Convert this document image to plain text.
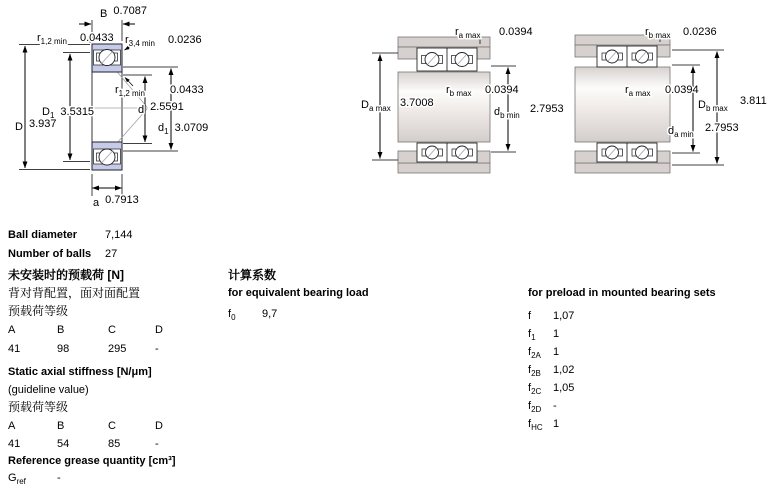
B 0.7087
$r_{1,2 min}$ 0.0433 $r_{3,4 min}$ 0.0236
$r_{1,2 min}$ 0.0433
$D_1$ 3.5315
D 3.937
d 2.5591
$d_1$ 3.0709
a 0.7913
$r_{a max}$ 0.0394
$r_{b max}$ 0.0394
$D_{a max}$ 3.7008
$d_{b min}$
2.7953
$r_{b max}$ 0.0236
$r_{a max}$ 0.0394
$D_{b max}$
3.811
$d_{a min}$
2.7953
Ball diameter	7,144
Number of balls 27
未安装时的预载荷 [N]
背对背配置，面对面配置
预载荷等级
A	B	C	D
41	98	295	-
Static axial stiffness [N/μm]
(guideline value)
预载荷等级
A	B	C	D
41	54	85	-
Reference grease quantity [cm³]
$G_{ref}$	-
计算系数
for equivalent bearing load
$f_0$ 9,7
for preload in mounted bearing sets
f 1,07
$f_1$ 1
$f_{2A}$ 1
$f_{2B}$ 1,02
$f_{2C}$ 1,05
$f_{2D}$ -
$f_{HC}$ 1
